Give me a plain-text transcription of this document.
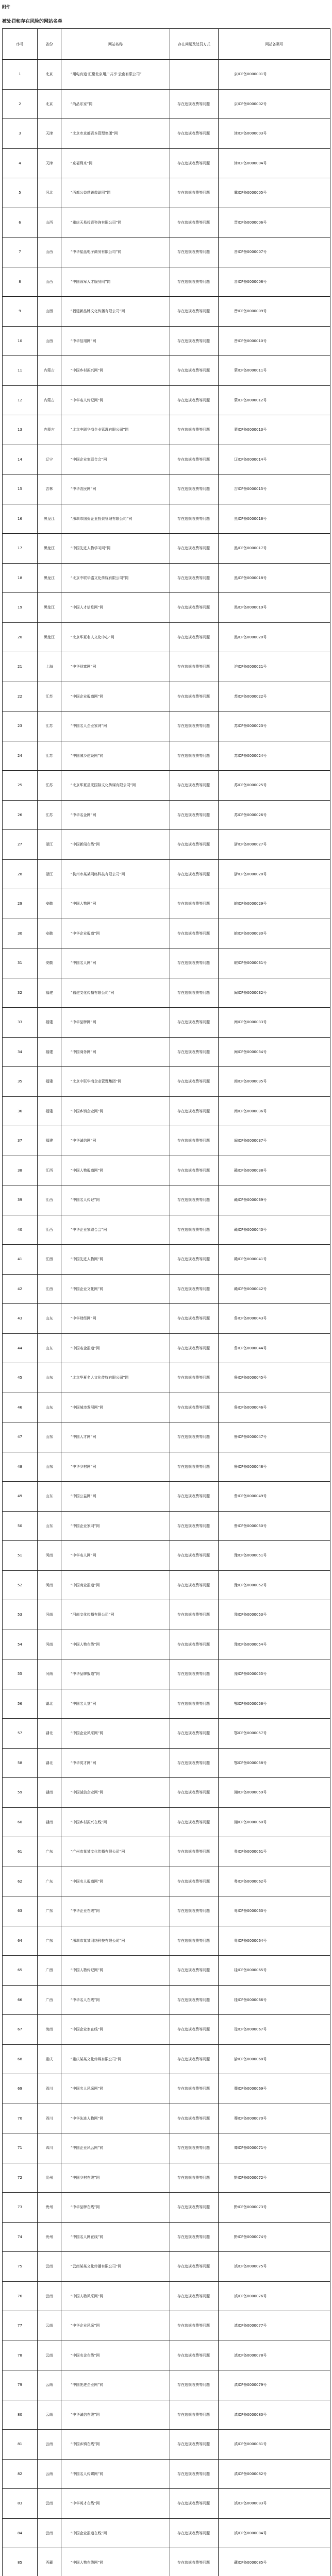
附件
被处罚和存在风险的网站名单
序号	省份	网站名称	存在问题及处罚方式	网站备案号
1	北京	“用电有道·汇聚北京用户共享·云南有限公司”		京ICP备0000001号
2	北京	“尚品乐家”网	存在违规收费等问题	京ICP备0000002号
3	天津	“北京市京都资本管理集团”网	存在违规收费等问题	津ICP备0000003号
4	天津	“京福利来”网	存在违规收费等问题	津ICP备0000004号
5	河北	“西都公益慈善救助网”网	存在违规收费等问题	冀ICP备0000005号
6	山西	“重庆天易投资咨询有限公司”网	存在违规收费等问题	晋ICP备0000006号
7	山西	“中华星蓝电子商务有限公司”网	存在违规收费等问题	晋ICP备0000007号
8	山西	“中国领军人才服务网”网	存在违规收费等问题	晋ICP备0000008号
9	山西	“福建新品牌文化传播有限公司”网	存在违规收费等问题	晋ICP备0000009号
10	山西	“中华信用网”网	存在违规收费等问题	晋ICP备0000010号
11	内蒙古	“中国乡村振兴网”网	存在违规收费等问题	蒙ICP备0000011号
12	内蒙古	“中华名人传记网”网	存在违规收费等问题	蒙ICP备0000012号
13	内蒙古	“北京中联华商企业管理有限公司”网	存在违规收费等问题	蒙ICP备0000013号
14	辽宁	“中国企业家联合会”网	存在违规收费等问题	辽ICP备0000014号
15	吉林	“中华农民网”网	存在违规收费等问题	吉ICP备0000015号
16	黑龙江	“深圳市国资企业投资管理有限公司”网	存在违规收费等问题	黑ICP备0000016号
17	黑龙江	“中国先进人物学习网”网	存在违规收费等问题	黑ICP备0000017号
18	黑龙江	“北京中联华盛文化传媒有限公司”网	存在违规收费等问题	黑ICP备0000018号
19	黑龙江	“中国人才信息网”网	存在违规收费等问题	黑ICP备0000019号
20	黑龙江	“北京华夏名人文化中心”网	存在违规收费等问题	黑ICP备0000020号
21	上海	“中华财富网”网	存在违规收费等问题	沪ICP备0000021号
22	江苏	“中国企业报道网”网	存在违规收费等问题	苏ICP备0000022号
23	江苏	“中国名人企业家网”网	存在违规收费等问题	苏ICP备0000023号
24	江苏	“中国城乡建设网”网	存在违规收费等问题	苏ICP备0000024号
25	江苏	“北京华夏星光国际文化传媒有限公司”网	存在违规收费等问题	苏ICP备0000025号
26	江苏	“中华名企网”网	存在违规收费等问题	苏ICP备0000026号
27	浙江	“中国新闻在线”网	存在违规收费等问题	浙ICP备0000027号
28	浙江	“杭州市某某网络科技有限公司”网	存在违规收费等问题	浙ICP备0000028号
29	安徽	“中国人物网”网	存在违规收费等问题	皖ICP备0000029号
30	安徽	“中华企业报道”网	存在违规收费等问题	皖ICP备0000030号
31	安徽	“中国名人网”网	存在违规收费等问题	皖ICP备0000031号
32	福建	“福建文化传播有限公司”网	存在违规收费等问题	闽ICP备0000032号
33	福建	“中华品牌网”网	存在违规收费等问题	闽ICP备0000033号
34	福建	“中国商务网”网	存在违规收费等问题	闽ICP备0000034号
35	福建	“北京中联华商企业管理集团”网	存在违规收费等问题	闽ICP备0000035号
36	福建	“中国乡镇企业网”网	存在违规收费等问题	闽ICP备0000036号
37	福建	“中华诚信网”网	存在违规收费等问题	闽ICP备0000037号
38	江西	“中国人物报道网”网	存在违规收费等问题	赣ICP备0000038号
39	江西	“中国名人传记”网	存在违规收费等问题	赣ICP备0000039号
40	江西	“中华企业家联合会”网	存在违规收费等问题	赣ICP备0000040号
41	江西	“中国先进人物网”网	存在违规收费等问题	赣ICP备0000041号
42	江西	“中国企业文化网”网	存在违规收费等问题	赣ICP备0000042号
43	山东	“中华财经网”网	存在违规收费等问题	鲁ICP备0000043号
44	山东	“中国名企报道”网	存在违规收费等问题	鲁ICP备0000044号
45	山东	“北京华夏名人文化传媒有限公司”网	存在违规收费等问题	鲁ICP备0000045号
46	山东	“中国城市发展网”网	存在违规收费等问题	鲁ICP备0000046号
47	山东	“中国人才网”网	存在违规收费等问题	鲁ICP备0000047号
48	山东	“中华乡村网”网	存在违规收费等问题	鲁ICP备0000048号
49	山东	“中国公益网”网	存在违规收费等问题	鲁ICP备0000049号
50	山东	“中国企业家网”网	存在违规收费等问题	鲁ICP备0000050号
51	河南	“中华名人网”网	存在违规收费等问题	豫ICP备0000051号
52	河南	“中国商业报道”网	存在违规收费等问题	豫ICP备0000052号
53	河南	“河南文化传播有限公司”网	存在违规收费等问题	豫ICP备0000053号
54	河南	“中国人物在线”网	存在违规收费等问题	豫ICP备0000054号
55	河南	“中华品牌报道”网	存在违规收费等问题	豫ICP备0000055号
56	湖北	“中国名人堂”网	存在违规收费等问题	鄂ICP备0000056号
57	湖北	“中国企业风采网”网	存在违规收费等问题	鄂ICP备0000057号
58	湖北	“中华英才网”网	存在违规收费等问题	鄂ICP备0000058号
59	湖南	“中国诚信企业网”网	存在违规收费等问题	湘ICP备0000059号
60	湖南	“中国乡村振兴在线”网	存在违规收费等问题	湘ICP备0000060号
61	广东	“广州市某某文化传播有限公司”网	存在违规收费等问题	粤ICP备0000061号
62	广东	“中国名人报道网”网	存在违规收费等问题	粤ICP备0000062号
63	广东	“中华企业在线”网	存在违规收费等问题	粤ICP备0000063号
64	广东	“深圳市某某网络科技有限公司”网	存在违规收费等问题	粤ICP备0000064号
65	广西	“中国人物传记网”网	存在违规收费等问题	桂ICP备0000065号
66	广西	“中华名人在线”网	存在违规收费等问题	桂ICP备0000066号
67	海南	“中国企业家在线”网	存在违规收费等问题	琼ICP备0000067号
68	重庆	“重庆某某文化传媒有限公司”网	存在违规收费等问题	渝ICP备0000068号
69	四川	“中国名人风采网”网	存在违规收费等问题	蜀ICP备0000069号
70	四川	“中华先进人物网”网	存在违规收费等问题	蜀ICP备0000070号
71	四川	“中国企业风云网”网	存在违规收费等问题	蜀ICP备0000071号
72	贵州	“中国乡村在线”网	存在违规收费等问题	黔ICP备0000072号
73	贵州	“中华品牌在线”网	存在违规收费等问题	黔ICP备0000073号
74	贵州	“中国名人网在线”网	存在违规收费等问题	黔ICP备0000074号
75	云南	“云南某某文化传播有限公司”网	存在违规收费等问题	滇ICP备0000075号
76	云南	“中国人物风采网”网	存在违规收费等问题	滇ICP备0000076号
77	云南	“中华企业风采”网	存在违规收费等问题	滇ICP备0000077号
78	云南	“中国名企在线”网	存在违规收费等问题	滇ICP备0000078号
79	云南	“中国先进企业网”网	存在违规收费等问题	滇ICP备0000079号
80	云南	“中华诚信在线”网	存在违规收费等问题	滇ICP备0000080号
81	云南	“中国乡镇在线”网	存在违规收费等问题	滇ICP备0000081号
82	云南	“中国名人传媒网”网	存在违规收费等问题	滇ICP备0000082号
83	云南	“中华英才在线”网	存在违规收费等问题	滇ICP备0000083号
84	云南	“中国企业报道在线”网	存在违规收费等问题	滇ICP备0000084号
85	西藏	“中国人物在线网”网	存在违规收费等问题	藏ICP备0000085号
